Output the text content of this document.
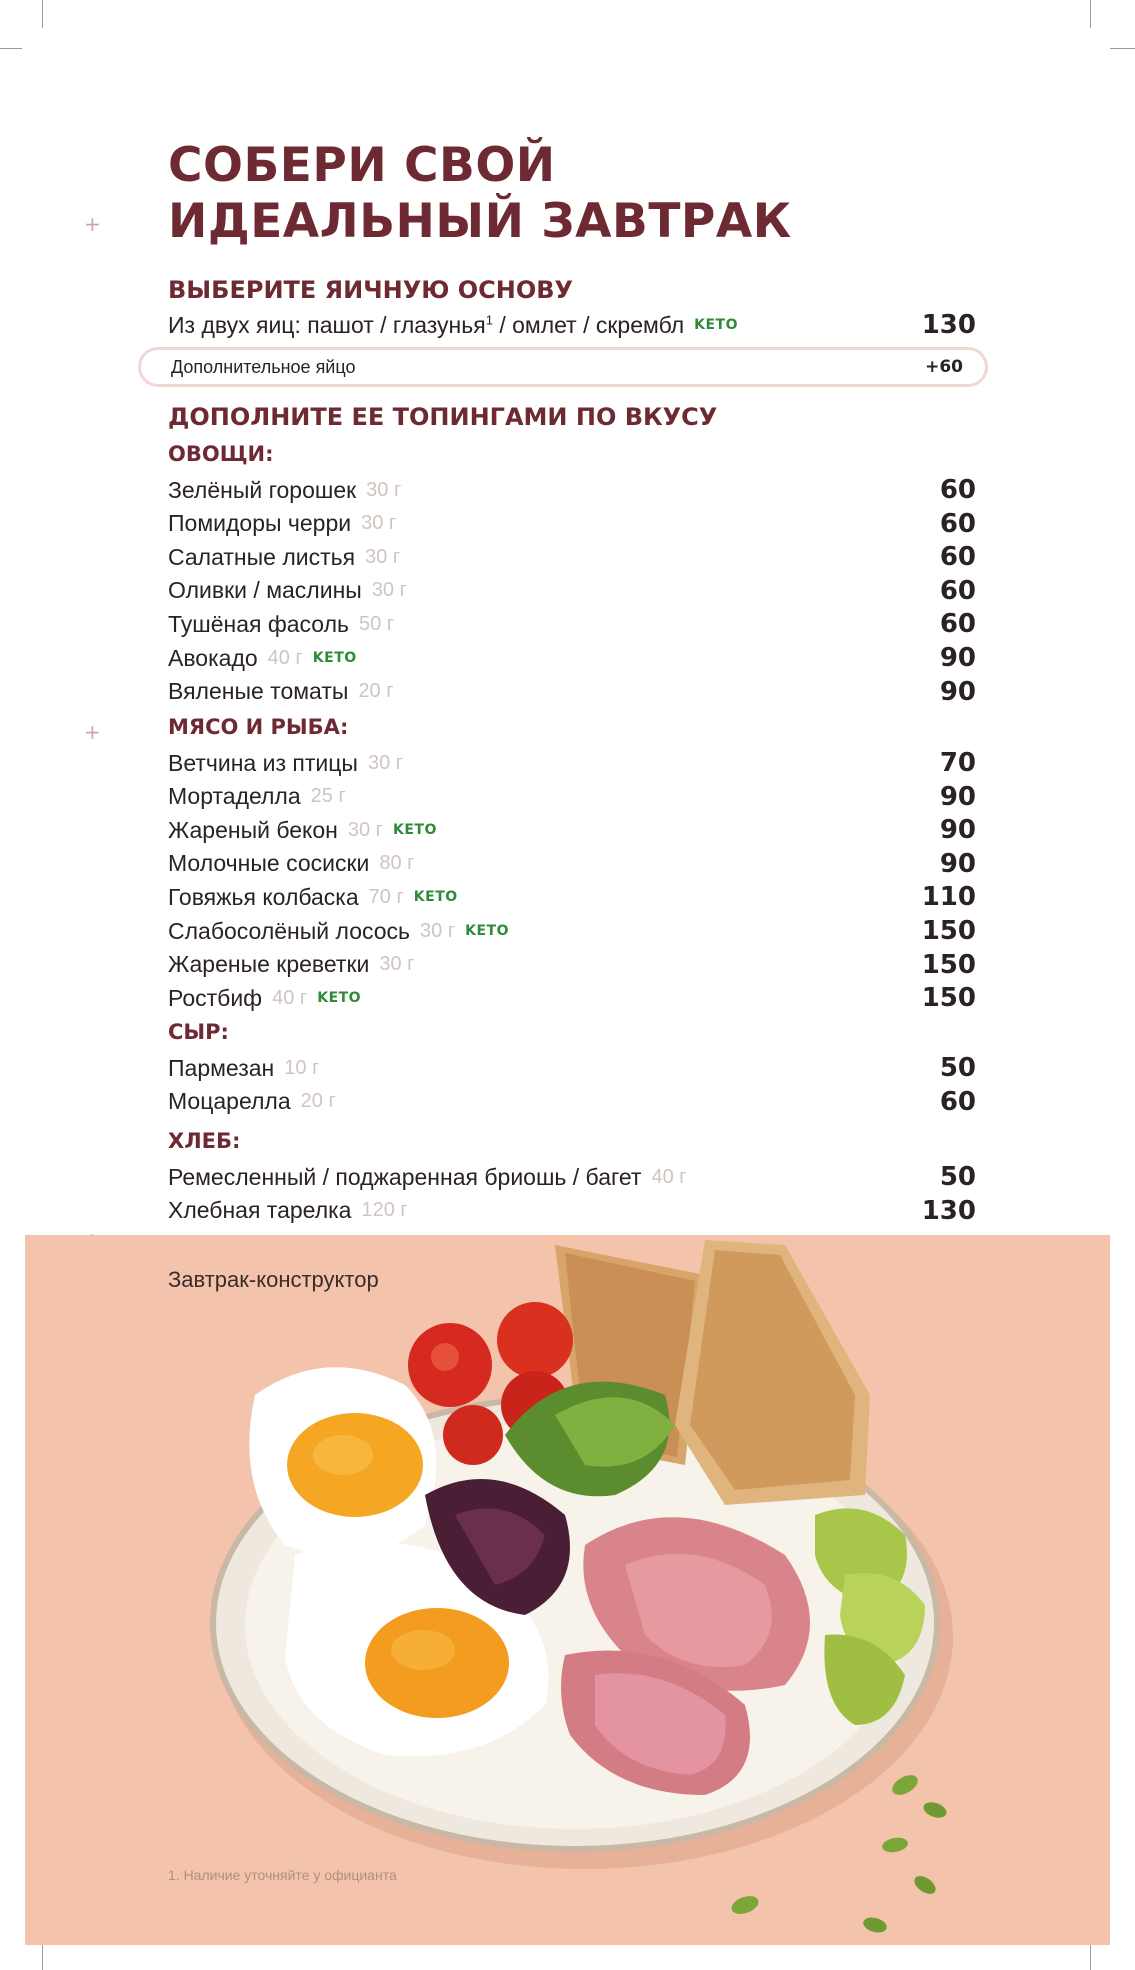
+
+
СОБЕРИ СВОЙ
ИДЕАЛЬНЫЙ ЗАВТРАК
ВЫБЕРИТЕ ЯИЧНУЮ ОСНОВУ
Из двух яиц: пашот / глазунья$^1$ / омлет / скрембл KETO	130
Дополнительное яйцо	+60
ДОПОЛНИТЕ ЕЕ ТОПИНГАМИ ПО ВКУСУ
ОВОЩИ:
Зелёный горошек 30 г	60
Помидоры черри 30 г	60
Салатные листья 30 г	60
Оливки / маслины 30 г	60
Тушёная фасоль 50 г	60
Авокадо 40 г KETO	90
Вяленые томаты 20 г	90
МЯСО И РЫБА:
Ветчина из птицы 30 г	70
Мортаделла 25 г	90
Жареный бекон 30 г KETO	90
Молочные сосиски 80 г	90
Говяжья колбаска 70 г KETO	110
Слабосолёный лосось 30 г KETO	150
Жареные креветки 30 г	150
Ростбиф 40 г KETO	150
СЫР:
Пармезан 10 г	50
Моцарелла 20 г	60
ХЛЕБ:
Ремесленный / поджаренная бриошь / багет 40 г	50
Хлебная тарелка 120 г	130
Завтрак-конструктор
1. Наличие уточняйте у официанта
